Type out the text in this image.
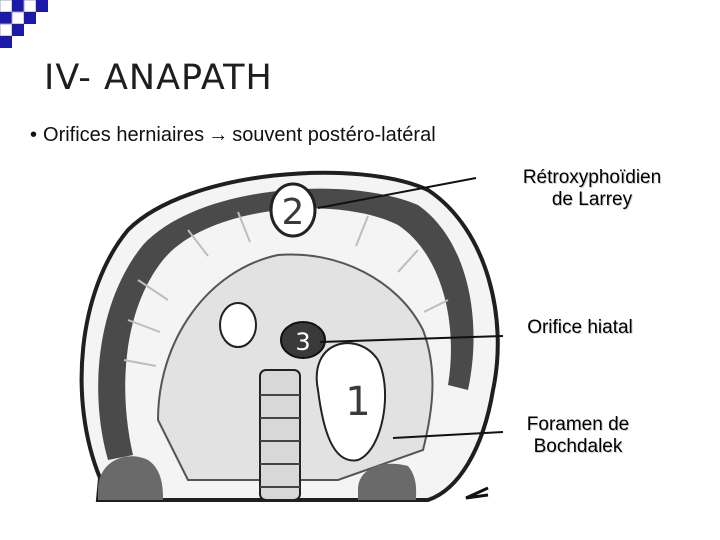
IV- ANAPATH
• Orifices herniaires → souvent postéro-latéral
1
2
3
Rétroxyphoïdien
de Larrey
Orifice hiatal
Foramen de
Bochdalek
